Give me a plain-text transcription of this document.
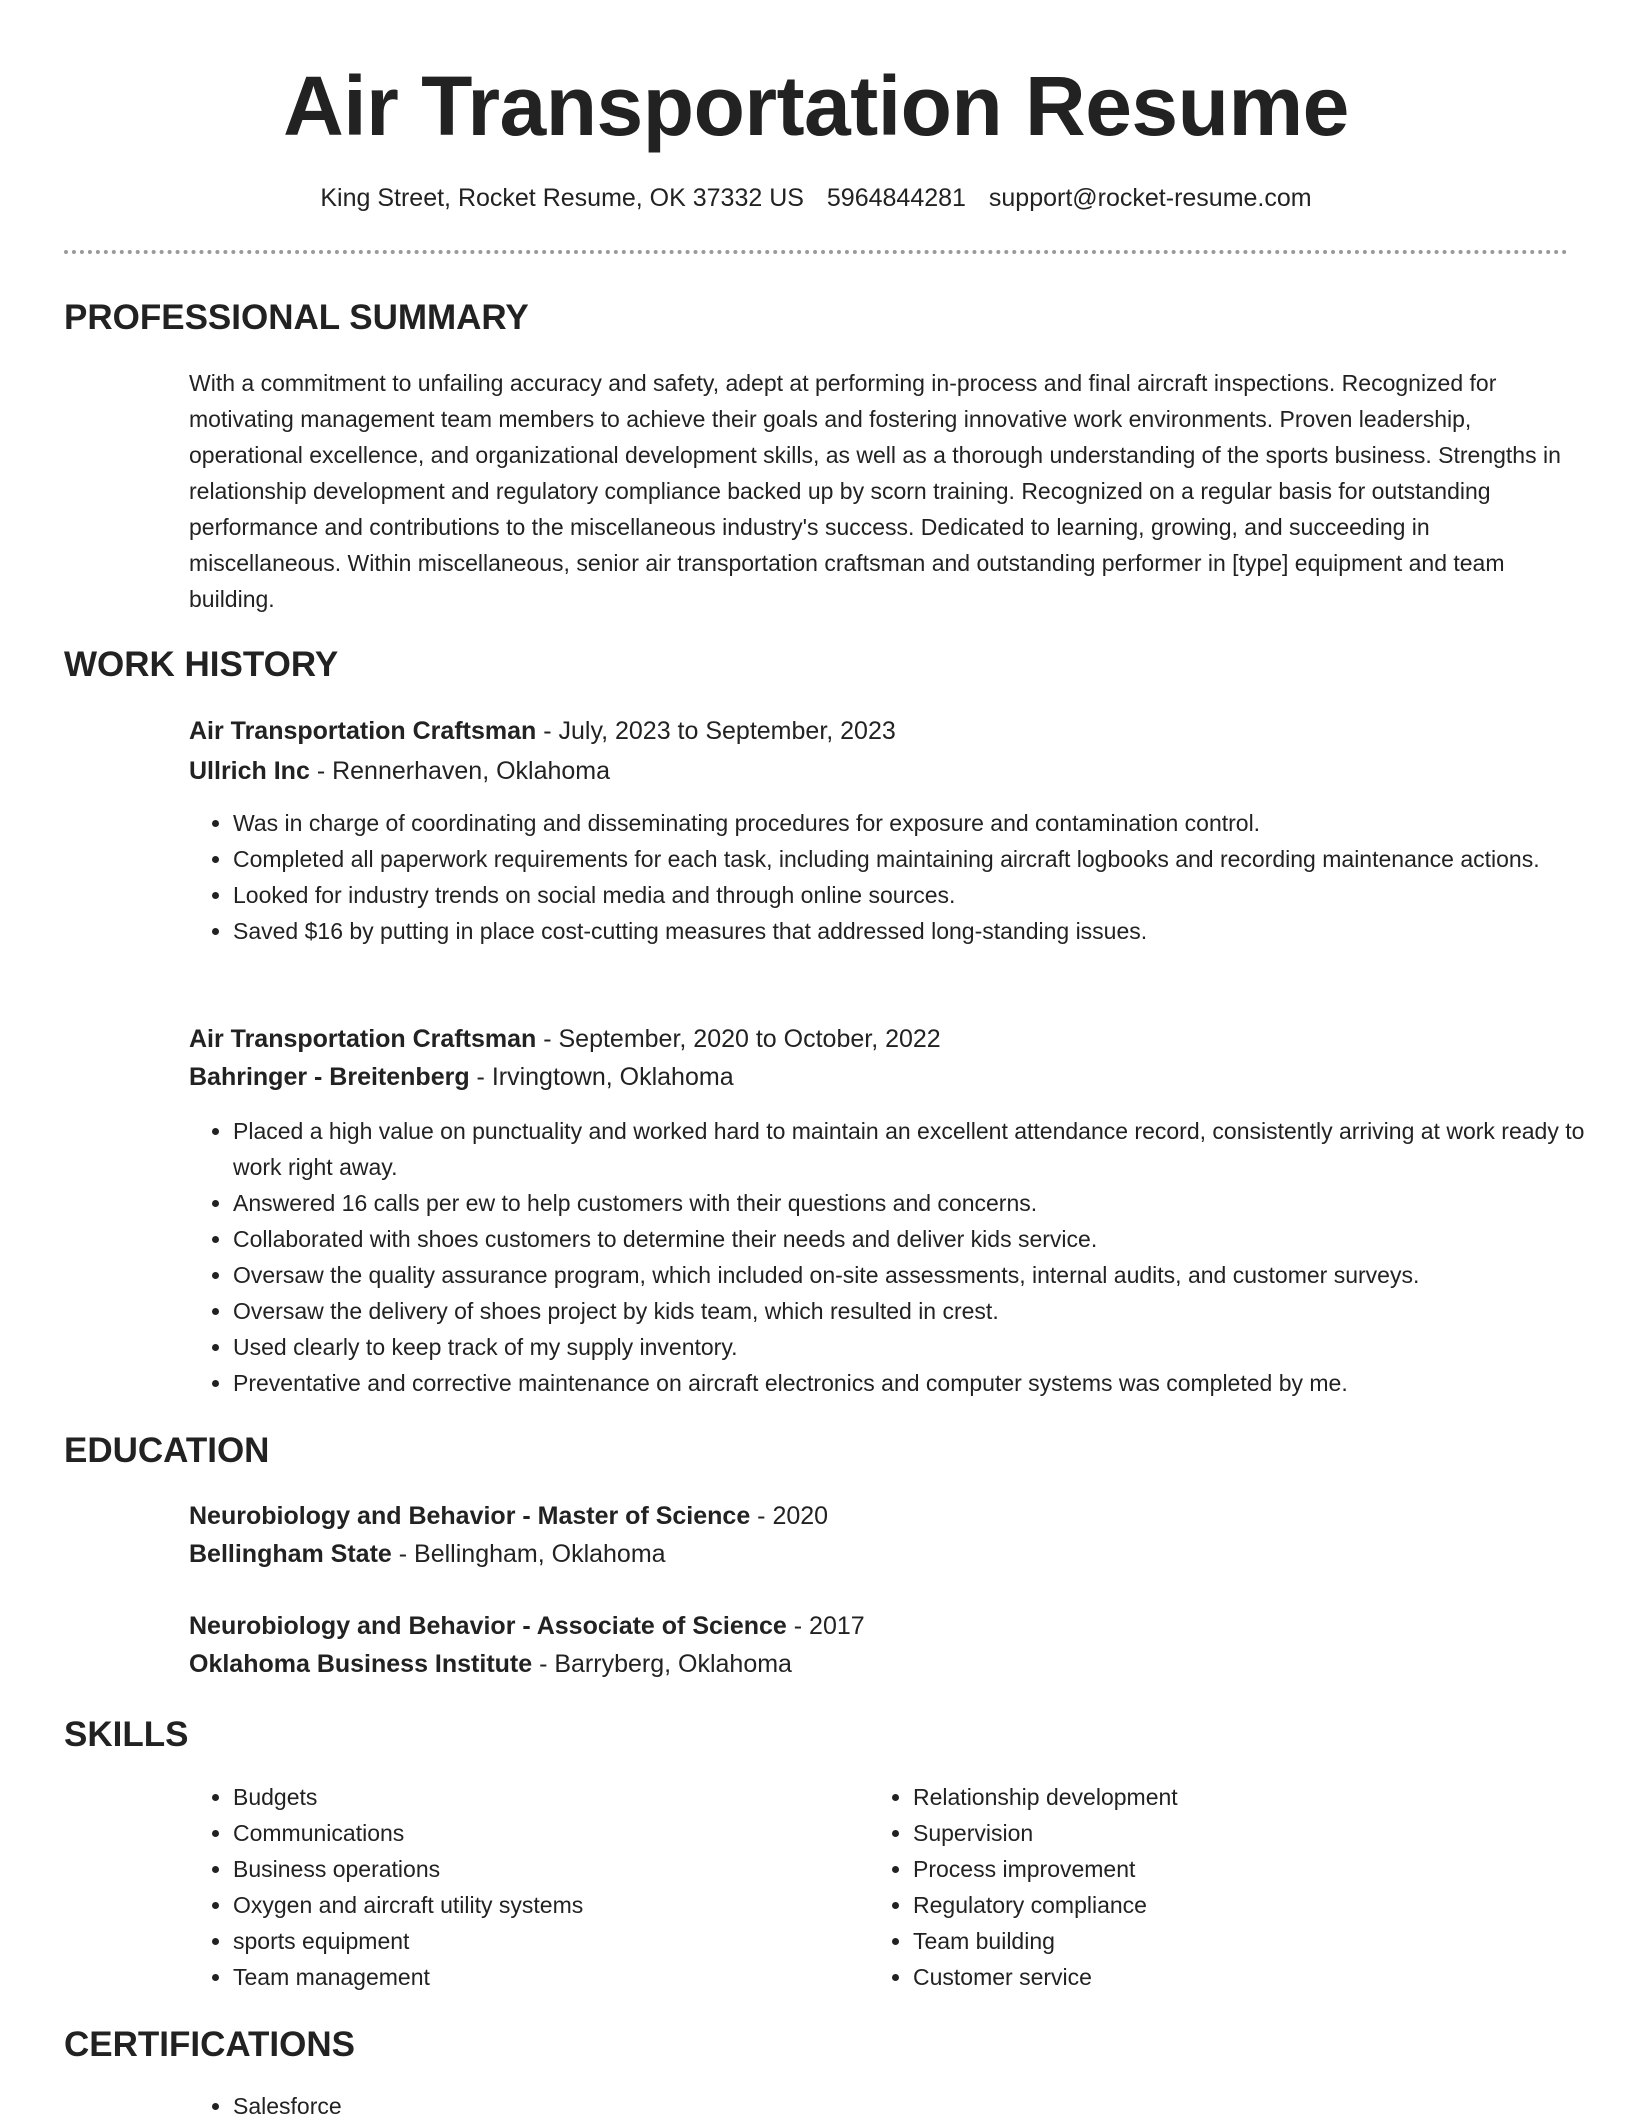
Air Transportation Resume
King Street, Rocket Resume, OK 37332 US 5964844281 support@rocket-resume.com
PROFESSIONAL SUMMARY

With a commitment to unfailing accuracy and safety, adept at performing in-process and final aircraft inspections. Recognized for motivating management team members to achieve their goals and fostering innovative work environments. Proven leadership, operational excellence, and organizational development skills, as well as a thorough understanding of the sports business. Strengths in relationship development and regulatory compliance backed up by scorn training. Recognized on a regular basis for outstanding performance and contributions to the miscellaneous industry's success. Dedicated to learning, growing, and succeeding in miscellaneous. Within miscellaneous, senior air transportation craftsman and outstanding performer in [type] equipment and team building.

WORK HISTORY
Air Transportation Craftsman - July, 2023 to September, 2023
Ullrich Inc - Rennerhaven, Oklahoma
• Was in charge of coordinating and disseminating procedures for exposure and contamination control.
• Completed all paperwork requirements for each task, including maintaining aircraft logbooks and recording maintenance actions.
• Looked for industry trends on social media and through online sources.
• Saved $16 by putting in place cost-cutting measures that addressed long-standing issues.
Air Transportation Craftsman - September, 2020 to October, 2022
Bahringer - Breitenberg - Irvingtown, Oklahoma
• Placed a high value on punctuality and worked hard to maintain an excellent attendance record, consistently arriving at work ready to work right away.
• Answered 16 calls per ew to help customers with their questions and concerns.
• Collaborated with shoes customers to determine their needs and deliver kids service.
• Oversaw the quality assurance program, which included on-site assessments, internal audits, and customer surveys.
• Oversaw the delivery of shoes project by kids team, which resulted in crest.
• Used clearly to keep track of my supply inventory.
• Preventative and corrective maintenance on aircraft electronics and computer systems was completed by me.
EDUCATION
Neurobiology and Behavior - Master of Science - 2020
Bellingham State - Bellingham, Oklahoma
Neurobiology and Behavior - Associate of Science - 2017
Oklahoma Business Institute - Barryberg, Oklahoma
SKILLS
• Budgets
• Communications
• Business operations
• Oxygen and aircraft utility systems
• sports equipment
• Team management
• Relationship development
• Supervision
• Process improvement
• Regulatory compliance
• Team building
• Customer service
CERTIFICATIONS
• Salesforce
